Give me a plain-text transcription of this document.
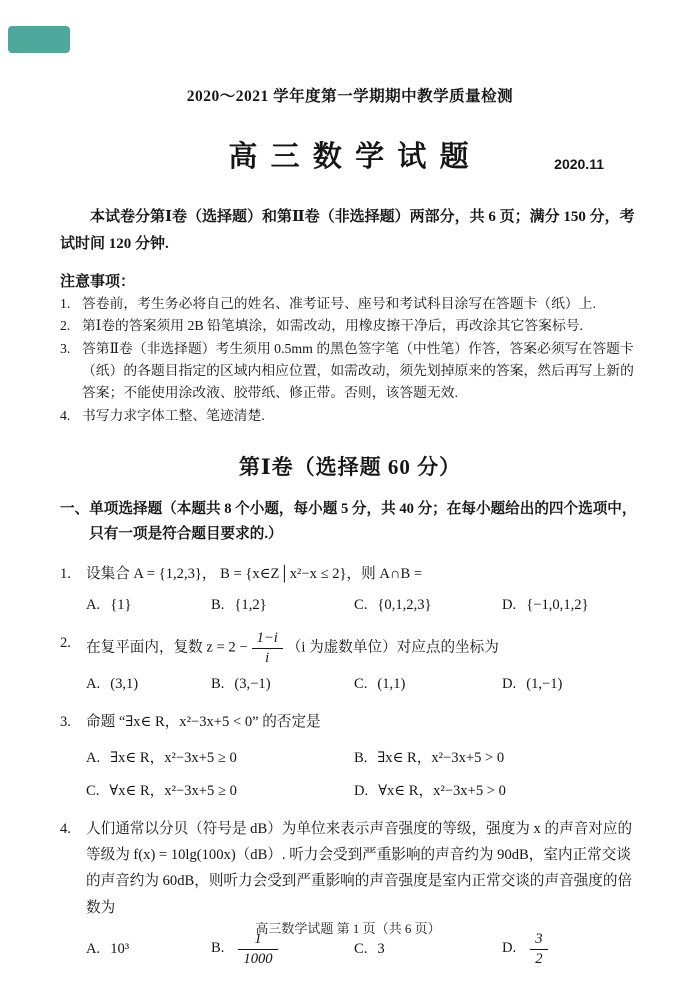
2020～2021 学年度第一学期期中教学质量检测
高 三 数 学 试 题	2020.11

本试卷分第Ⅰ卷（选择题）和第Ⅱ卷（非选择题）两部分，共 6 页；满分 150 分，考试时间 120 分钟.

注意事项：
1. 答卷前，考生务必将自己的姓名、准考证号、座号和考试科目涂写在答题卡（纸）上.
2. 第Ⅰ卷的答案须用 2B 铅笔填涂，如需改动，用橡皮擦干净后，再改涂其它答案标号.
3. 答第Ⅱ卷（非选择题）考生须用 0.5mm 的黑色签字笔（中性笔）作答，答案必须写在答题卡（纸）的各题目指定的区域内相应位置，如需改动，须先划掉原来的答案，然后再写上新的答案；不能使用涂改液、胶带纸、修正带。否则，该答题无效.
4. 书写力求字体工整、笔迹清楚.
第Ⅰ卷（选择题 60 分）

一、单项选择题（本题共 8 个小题，每小题 5 分，共 40 分；在每小题给出的四个选项中，只有一项是符合题目要求的.）

1.	设集合 A = {1,2,3}， B = {x∈Z│x²−x ≤ 2}，则 A∩B =
A. {1}	B. {1,2}	C. {0,1,2,3}	D. {−1,0,1,2}
2.	在复平面内，复数 $z = 2 - \frac{1-i}{i} (i$ 为虚数单位）对应点的坐标为
A. (3,1)	B. (3,−1)	C. (1,1)	D. (1,−1)
3.	命题 “∃x∈ R，x²−3x+5 < 0” 的否定是
A. ∃x∈ R，x²−3x+5 ≥ 0	B. ∃x∈ R，x²−3x+5 > 0
C. ∀x∈ R，x²−3x+5 ≥ 0	D. ∀x∈ R，x²−3x+5 > 0
4.	人们通常以分贝（符号是 dB）为单位来表示声音强度的等级，强度为 x 的声音对应的等级为 f(x) = 10lg(100x)（dB）. 听力会受到严重影响的声音约为 90dB，室内正常交谈的声音约为 60dB，则听力会受到严重影响的声音强度是室内正常交谈的声音强度的倍数为
A. 10³	B. $\frac{1}{1000}$	C. 3	D. $\frac{3}{2}$
高三数学试题 第 1 页（共 6 页）
